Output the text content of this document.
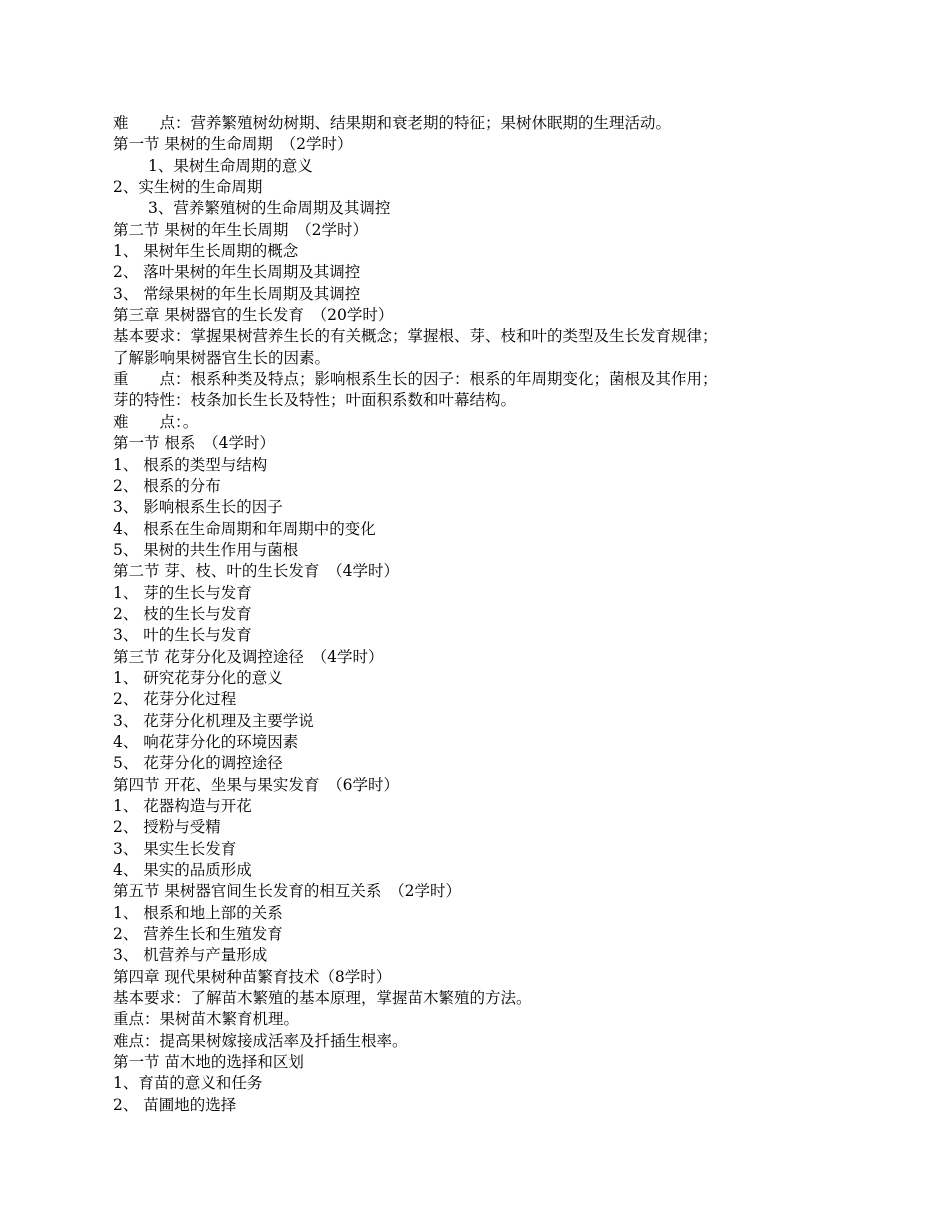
难　　点：营养繁殖树幼树期、结果期和衰老期的特征；果树休眠期的生理活动。
第一节 果树的生命周期　（2学时）
1、果树生命周期的意义
2、实生树的生命周期
3、营养繁殖树的生命周期及其调控
第二节 果树的年生长周期　（2学时）
1、 果树年生长周期的概念
2、 落叶果树的年生长周期及其调控
3、 常绿果树的年生长周期及其调控
第三章 果树器官的生长发育　（20学时）
基本要求：掌握果树营养生长的有关概念；掌握根、芽、枝和叶的类型及生长发育规律；
了解影响果树器官生长的因素。
重　　点：根系种类及特点；影响根系生长的因子：根系的年周期变化；菌根及其作用；
芽的特性：枝条加长生长及特性；叶面积系数和叶幕结构。
难　　点：。
第一节 根系　（4学时）
1、 根系的类型与结构
2、 根系的分布
3、 影响根系生长的因子
4、 根系在生命周期和年周期中的变化
5、 果树的共生作用与菌根
第二节 芽、枝、叶的生长发育　（4学时）
1、 芽的生长与发育
2、 枝的生长与发育
3、 叶的生长与发育
第三节 花芽分化及调控途径　（4学时）
1、 研究花芽分化的意义
2、 花芽分化过程
3、 花芽分化机理及主要学说
4、 响花芽分化的环境因素
5、 花芽分化的调控途径
第四节 开花、坐果与果实发育　（6学时）
1、 花器构造与开花
2、 授粉与受精
3、 果实生长发育
4、 果实的品质形成
第五节 果树器官间生长发育的相互关系　（2学时）
1、 根系和地上部的关系
2、 营养生长和生殖发育
3、 机营养与产量形成
第四章 现代果树种苗繁育技术（8学时）
基本要求：了解苗木繁殖的基本原理，掌握苗木繁殖的方法。
重点：果树苗木繁育机理。
难点：提高果树嫁接成活率及扦插生根率。
第一节 苗木地的选择和区划
1、育苗的意义和任务
2、 苗圃地的选择
